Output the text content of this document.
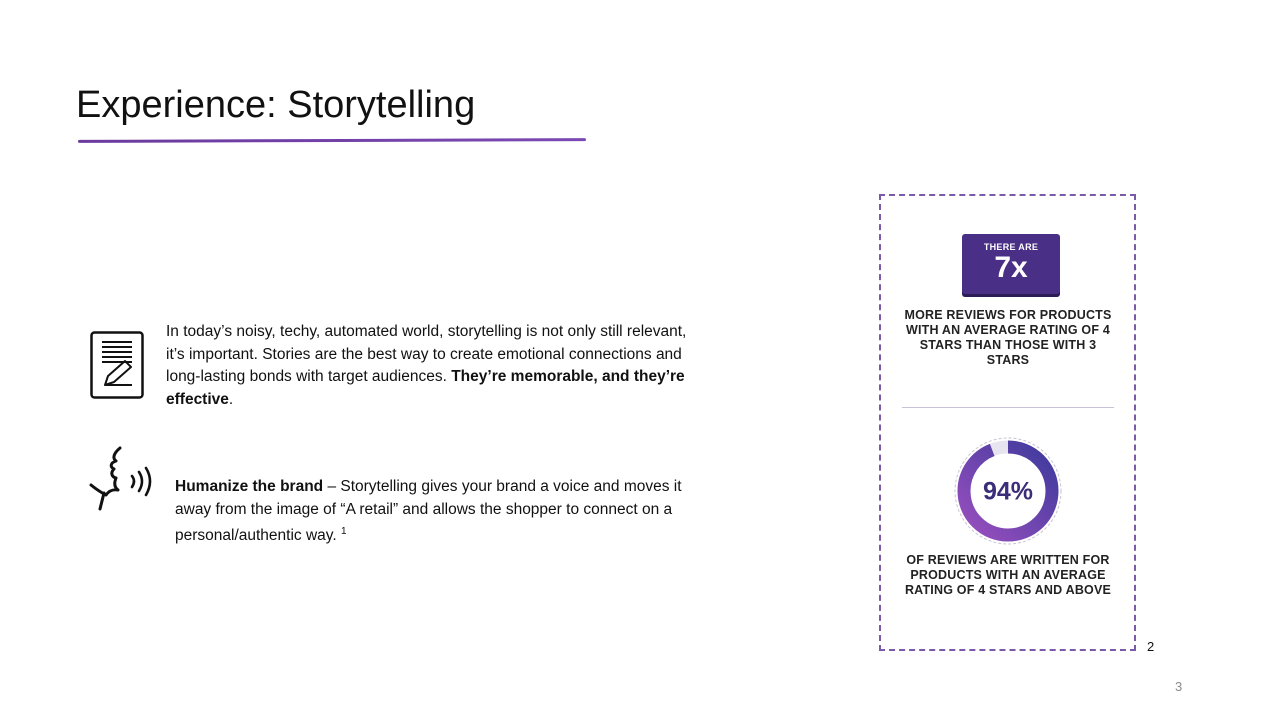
Experience: Storytelling
In today’s noisy, techy, automated world, storytelling is not only still relevant, it’s important. Stories are the best way to create emotional connections and long-lasting bonds with target audiences. They’re memorable, and they’re effective.
Humanize the brand – Storytelling gives your brand a voice and moves it away from the image of “A retail” and allows the shopper to connect on a personal/authentic way. $^1$
THERE ARE
7x
MORE REVIEWS FOR PRODUCTS WITH AN AVERAGE RATING OF 4 STARS THAN THOSE WITH 3 STARS
94%
OF REVIEWS ARE WRITTEN FOR PRODUCTS WITH AN AVERAGE RATING OF 4 STARS AND ABOVE
2
3
